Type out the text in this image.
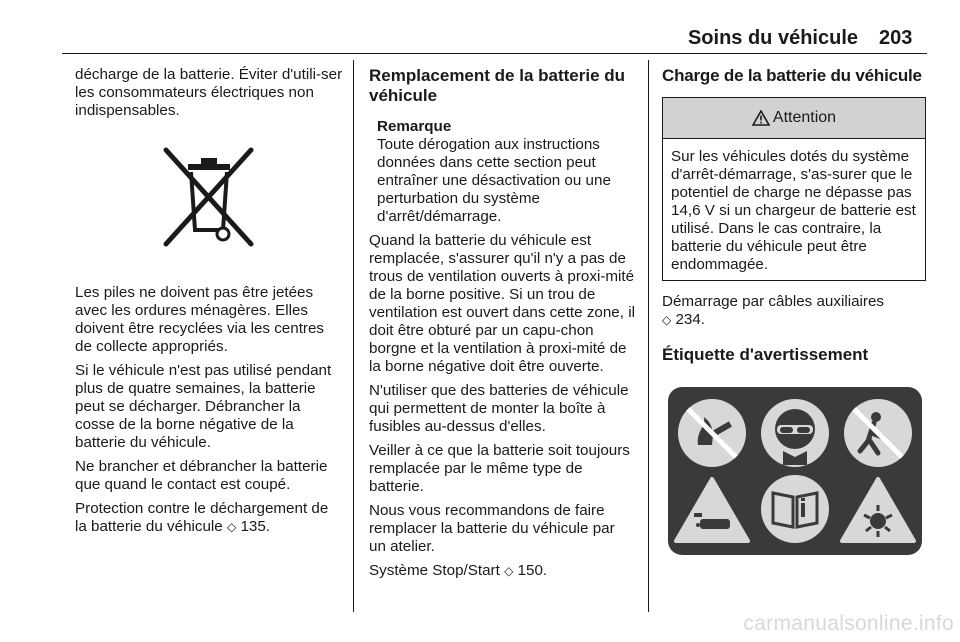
Soins du véhicule 203

décharge de la batterie. Éviter d'utili-ser les consommateurs électriques non indispensables.

Les piles ne doivent pas être jetées avec les ordures ménagères. Elles doivent être recyclées via les centres de collecte appropriés.

Si le véhicule n'est pas utilisé pendant plus de quatre semaines, la batterie peut se décharger. Débrancher la cosse de la borne négative de la batterie du véhicule.

Ne brancher et débrancher la batterie que quand le contact est coupé.

Protection contre le déchargement de la batterie du véhicule ◇ 135.

Remplacement de la batterie du véhicule
Remarque
Toute dérogation aux instructions données dans cette section peut entraîner une désactivation ou une perturbation du système d'arrêt/démarrage.

Quand la batterie du véhicule est remplacée, s'assurer qu'il n'y a pas de trous de ventilation ouverts à proxi-mité de la borne positive. Si un trou de ventilation est ouvert dans cette zone, il doit être obturé par un capu-chon borgne et la ventilation à proxi-mité de la borne négative doit être ouverte.

N'utiliser que des batteries de véhicule qui permettent de monter la boîte à fusibles au-dessus d'elles.

Veiller à ce que la batterie soit toujours remplacée par le même type de batterie.

Nous vous recommandons de faire remplacer la batterie du véhicule par un atelier.

Système Stop/Start ◇ 150.

Charge de la batterie du véhicule
Attention
Sur les véhicules dotés du système d'arrêt-démarrage, s'as-surer que le potentiel de charge ne dépasse pas 14,6 V si un chargeur de batterie est utilisé. Dans le cas contraire, la batterie du véhicule peut être endommagée.

Démarrage par câbles auxiliaires
◇ 234.

Étiquette d'avertissement
carmanualsonline.info
